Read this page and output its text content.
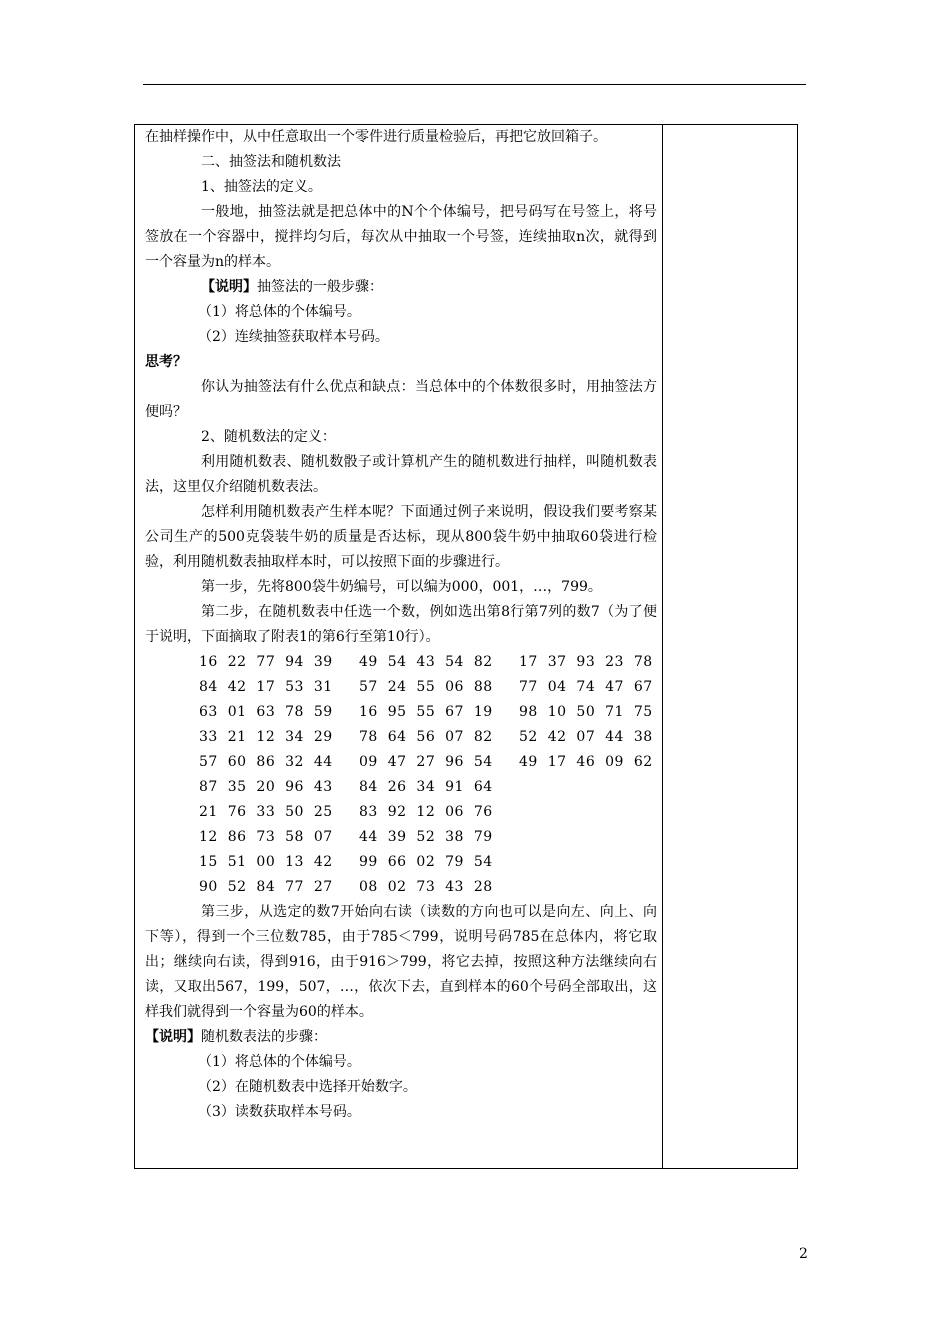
在抽样操作中，从中任意取出一个零件进行质量检验后，再把它放回箱子。

二、抽签法和随机数法

1、抽签法的定义。

一般地，抽签法就是把总体中的N个个体编号，把号码写在号签上，将号签放在一个容器中，搅拌均匀后，每次从中抽取一个号签，连续抽取n次，就得到一个容量为n的样本。

【说明】抽签法的一般步骤：

（1）将总体的个体编号。

（2）连续抽签获取样本号码。

思考？

你认为抽签法有什么优点和缺点：当总体中的个体数很多时，用抽签法方便吗？

2、随机数法的定义：

利用随机数表、随机数骰子或计算机产生的随机数进行抽样，叫随机数表法，这里仅介绍随机数表法。

怎样利用随机数表产生样本呢？下面通过例子来说明，假设我们要考察某公司生产的500克袋装牛奶的质量是否达标，现从800袋牛奶中抽取60袋进行检验，利用随机数表抽取样本时，可以按照下面的步骤进行。

第一步，先将800袋牛奶编号，可以编为000，001，…，799。

第二步，在随机数表中任选一个数，例如选出第8行第7列的数7（为了便于说明，下面摘取了附表1的第6行至第10行）。

16  22  77  94  39 49  54  43  54  82 17  37  93  23  78
84  42  17  53  31 57  24  55  06  88 77  04  74  47  67
63  01  63  78  59 16  95  55  67  19 98  10  50  71  75
33  21  12  34  29 78  64  56  07  82 52  42  07  44  38
57  60  86  32  44 09  47  27  96  54 49  17  46  09  62
87  35  20  96  43 84  26  34  91  64
21  76  33  50  25 83  92  12  06  76
12  86  73  58  07 44  39  52  38  79
15  51  00  13  42 99  66  02  79  54
90  52  84  77  27 08  02  73  43  28

第三步，从选定的数7开始向右读（读数的方向也可以是向左、向上、向下等），得到一个三位数785，由于785＜799，说明号码785在总体内，将它取出；继续向右读，得到916，由于916＞799，将它去掉，按照这种方法继续向右读，又取出567，199，507，…，依次下去，直到样本的60个号码全部取出，这样我们就得到一个容量为60的样本。

【说明】随机数表法的步骤：

（1）将总体的个体编号。

（2）在随机数表中选择开始数字。

（3）读数获取样本号码。

2
